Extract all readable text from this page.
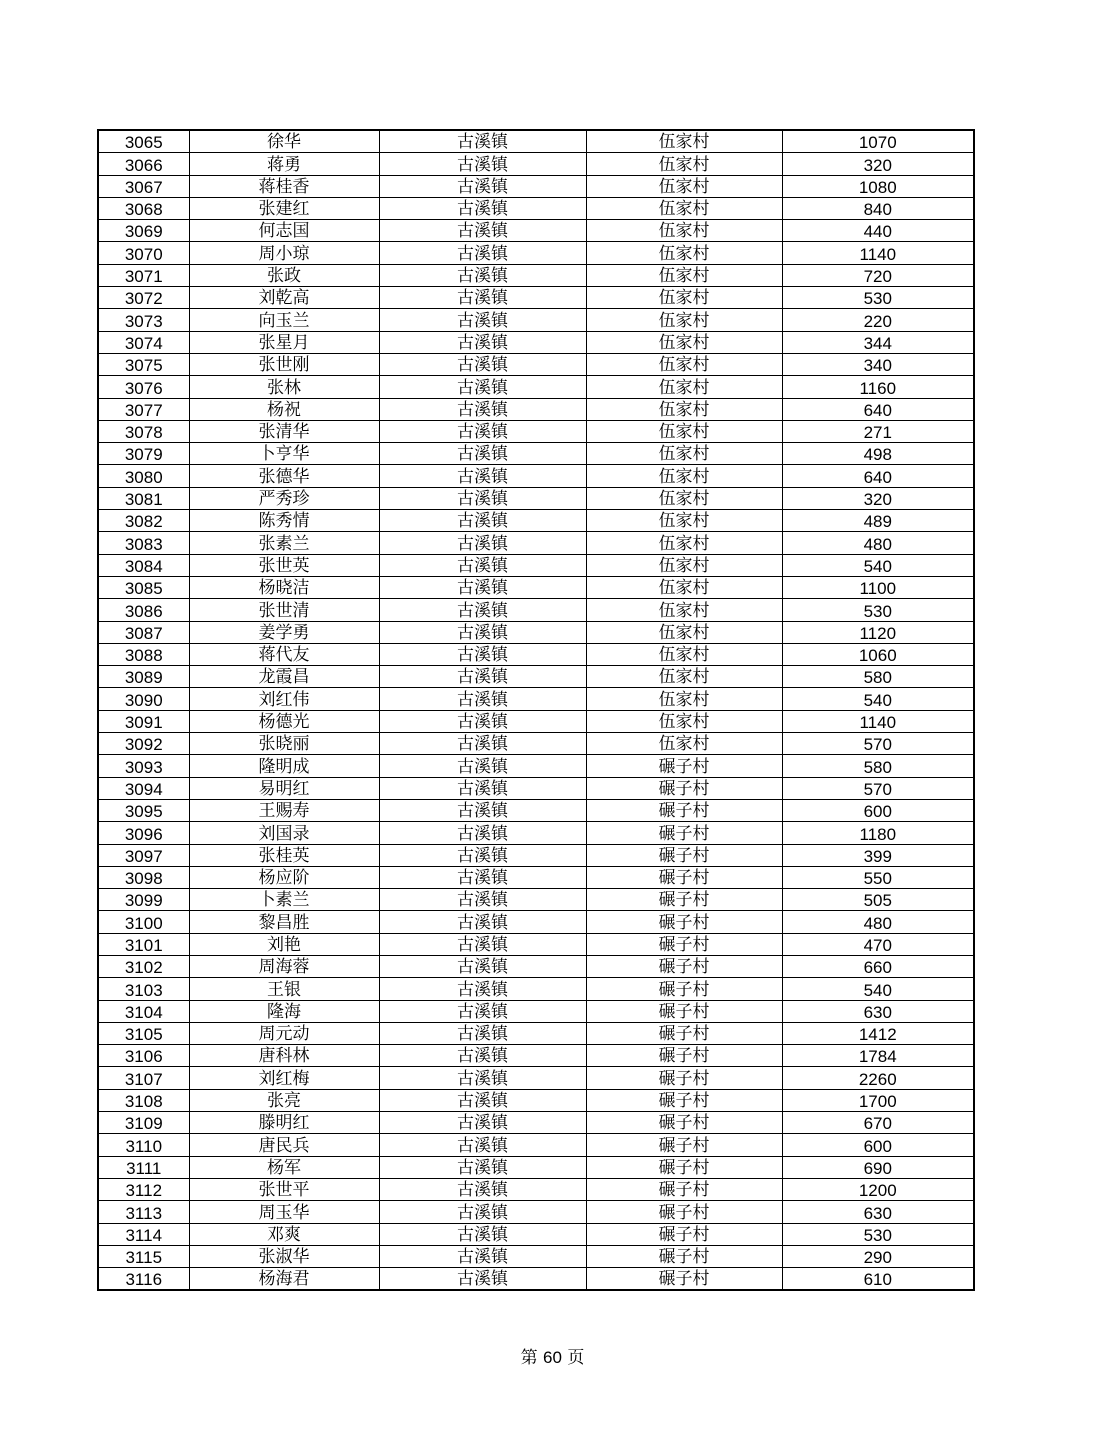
3065	徐华	古溪镇	伍家村	1070
3066	蒋勇	古溪镇	伍家村	320
3067	蒋桂香	古溪镇	伍家村	1080
3068	张建红	古溪镇	伍家村	840
3069	何志国	古溪镇	伍家村	440
3070	周小琼	古溪镇	伍家村	1140
3071	张政	古溪镇	伍家村	720
3072	刘乾高	古溪镇	伍家村	530
3073	向玉兰	古溪镇	伍家村	220
3074	张星月	古溪镇	伍家村	344
3075	张世刚	古溪镇	伍家村	340
3076	张林	古溪镇	伍家村	1160
3077	杨祝	古溪镇	伍家村	640
3078	张清华	古溪镇	伍家村	271
3079	卜亨华	古溪镇	伍家村	498
3080	张德华	古溪镇	伍家村	640
3081	严秀珍	古溪镇	伍家村	320
3082	陈秀情	古溪镇	伍家村	489
3083	张素兰	古溪镇	伍家村	480
3084	张世英	古溪镇	伍家村	540
3085	杨晓洁	古溪镇	伍家村	1100
3086	张世清	古溪镇	伍家村	530
3087	姜学勇	古溪镇	伍家村	1120
3088	蒋代友	古溪镇	伍家村	1060
3089	龙霞昌	古溪镇	伍家村	580
3090	刘红伟	古溪镇	伍家村	540
3091	杨德光	古溪镇	伍家村	1140
3092	张晓丽	古溪镇	伍家村	570
3093	隆明成	古溪镇	碾子村	580
3094	易明红	古溪镇	碾子村	570
3095	王赐寿	古溪镇	碾子村	600
3096	刘国录	古溪镇	碾子村	1180
3097	张桂英	古溪镇	碾子村	399
3098	杨应阶	古溪镇	碾子村	550
3099	卜素兰	古溪镇	碾子村	505
3100	黎昌胜	古溪镇	碾子村	480
3101	刘艳	古溪镇	碾子村	470
3102	周海蓉	古溪镇	碾子村	660
3103	王银	古溪镇	碾子村	540
3104	隆海	古溪镇	碾子村	630
3105	周元动	古溪镇	碾子村	1412
3106	唐科林	古溪镇	碾子村	1784
3107	刘红梅	古溪镇	碾子村	2260
3108	张亮	古溪镇	碾子村	1700
3109	滕明红	古溪镇	碾子村	670
3110	唐民兵	古溪镇	碾子村	600
3111	杨军	古溪镇	碾子村	690
3112	张世平	古溪镇	碾子村	1200
3113	周玉华	古溪镇	碾子村	630
3114	邓爽	古溪镇	碾子村	530
3115	张淑华	古溪镇	碾子村	290
3116	杨海君	古溪镇	碾子村	610
第 60 页
